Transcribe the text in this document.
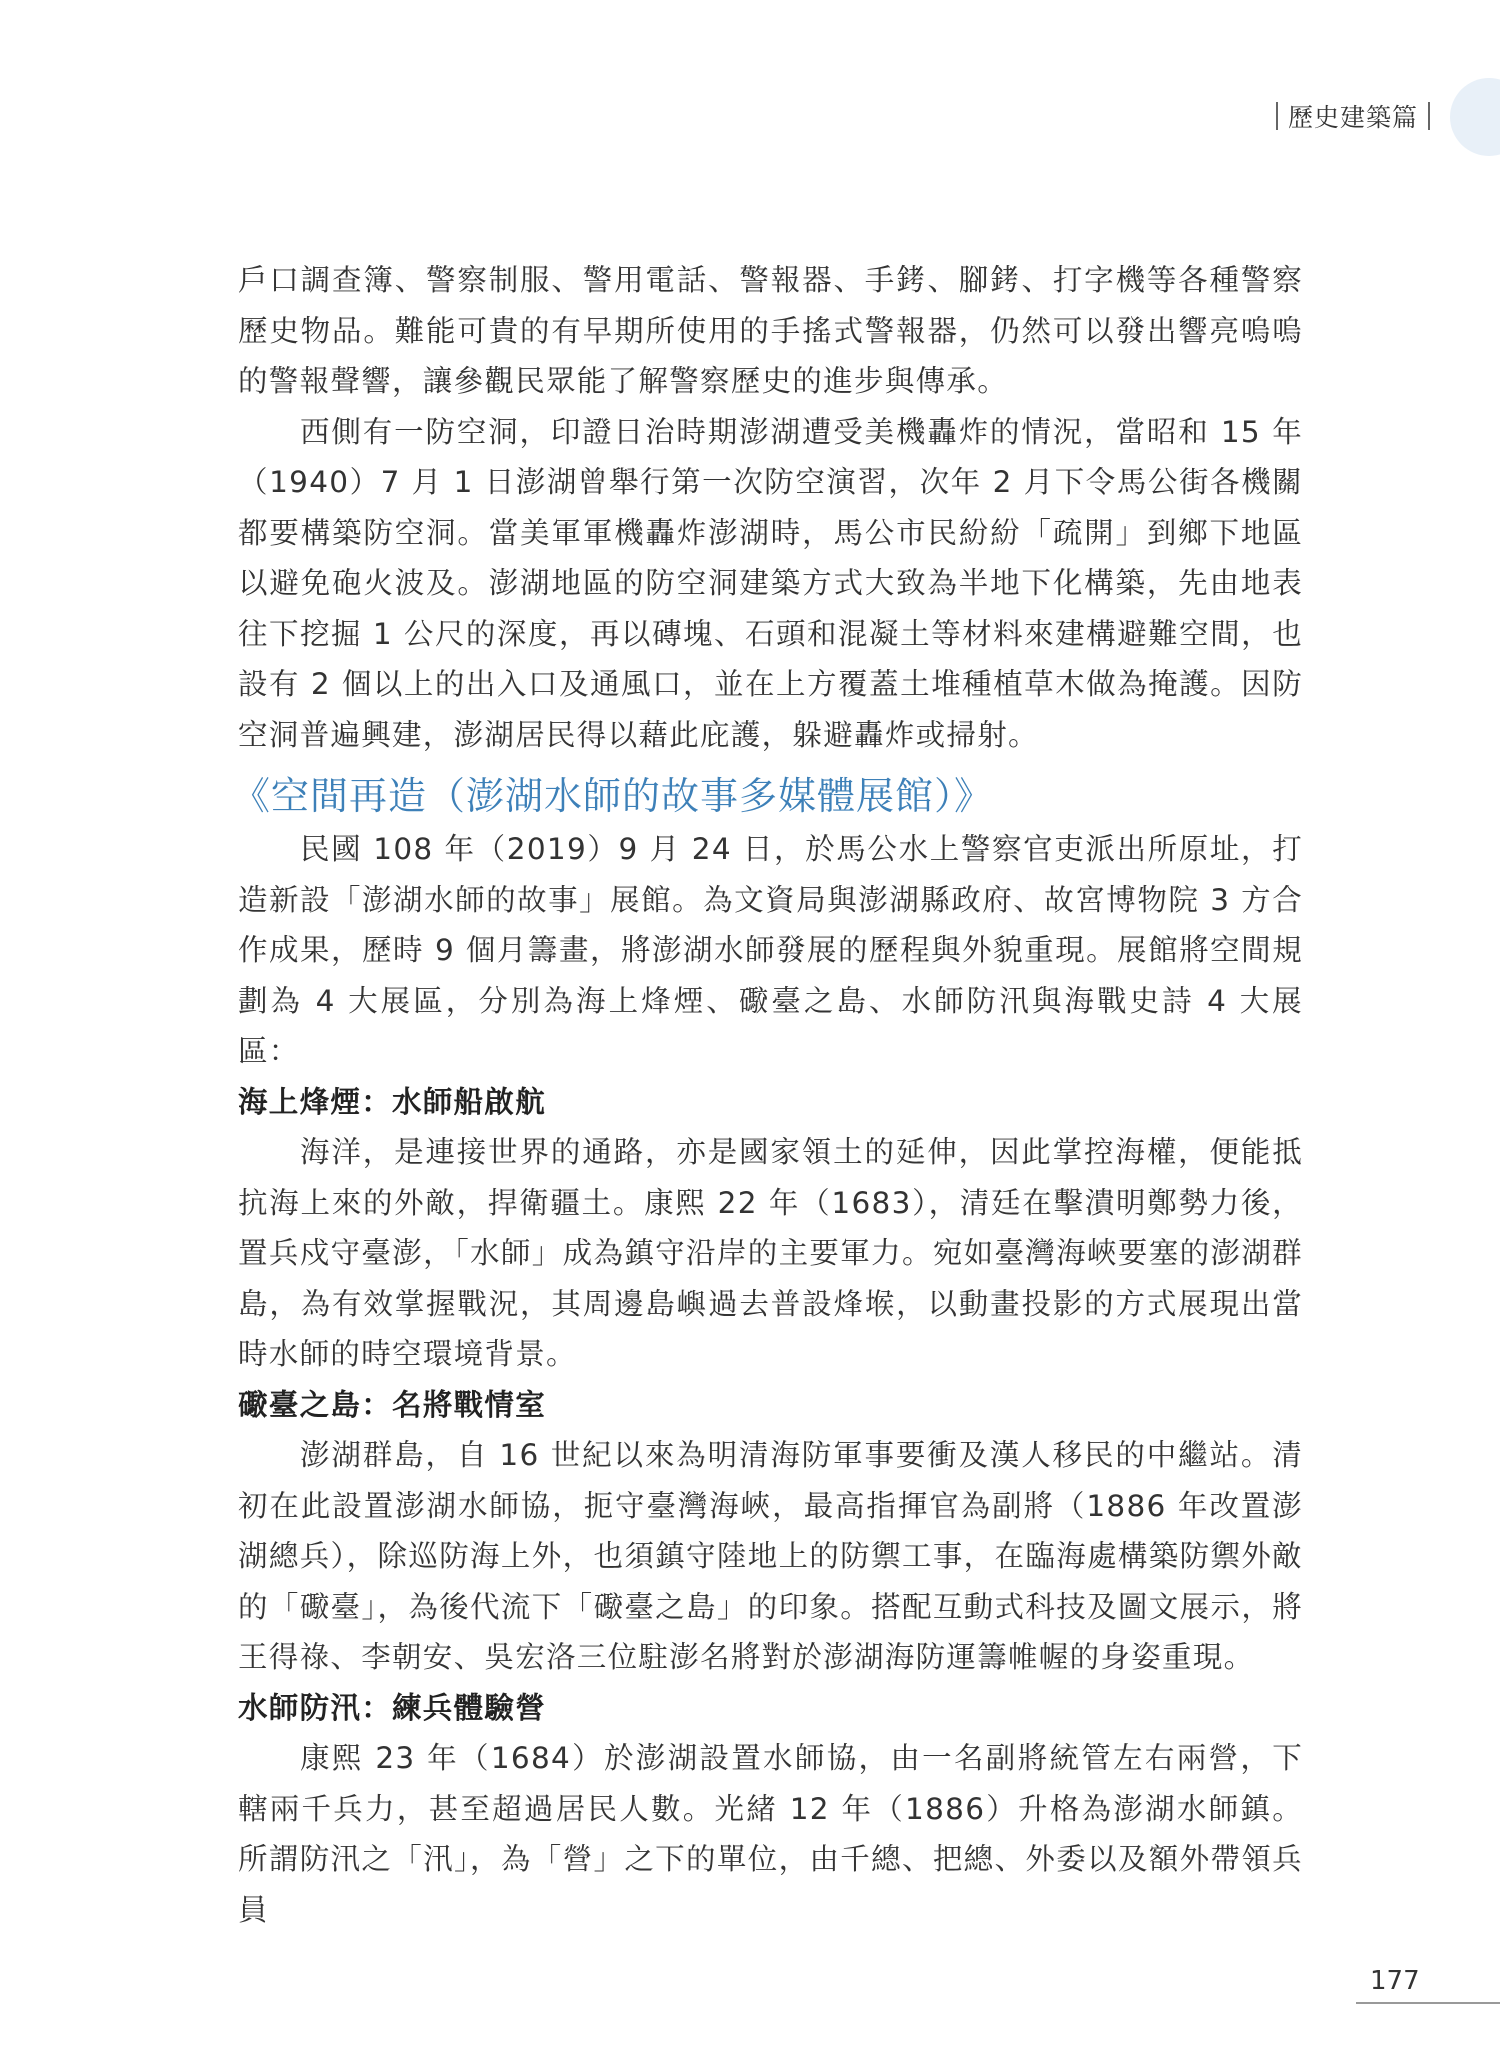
歷史建築篇

戶口調查簿、警察制服、警用電話、警報器、手銬、腳銬、打字機等各種警察歷史物品。難能可貴的有早期所使用的手搖式警報器，仍然可以發出響亮嗚嗚的警報聲響，讓參觀民眾能了解警察歷史的進步與傳承。

西側有一防空洞，印證日治時期澎湖遭受美機轟炸的情況，當昭和 15 年（1940）7 月 1 日澎湖曾舉行第一次防空演習，次年 2 月下令馬公街各機關都要構築防空洞。當美軍軍機轟炸澎湖時，馬公市民紛紛「疏開」到鄉下地區以避免砲火波及。澎湖地區的防空洞建築方式大致為半地下化構築，先由地表往下挖掘 1 公尺的深度，再以磚塊、石頭和混凝土等材料來建構避難空間，也設有 2 個以上的出入口及通風口，並在上方覆蓋土堆種植草木做為掩護。因防空洞普遍興建，澎湖居民得以藉此庇護，躲避轟炸或掃射。

《空間再造（澎湖水師的故事多媒體展館）》

民國 108 年（2019）9 月 24 日，於馬公水上警察官吏派出所原址，打造新設「澎湖水師的故事」展館。為文資局與澎湖縣政府、故宮博物院 3 方合作成果，歷時 9 個月籌畫，將澎湖水師發展的歷程與外貌重現。展館將空間規劃為 4 大展區，分別為海上烽煙、礮臺之島、水師防汛與海戰史詩 4 大展區：

海上烽煙：水師船啟航

海洋，是連接世界的通路，亦是國家領土的延伸，因此掌控海權，便能抵抗海上來的外敵，捍衛疆土。康熙 22 年（1683），清廷在擊潰明鄭勢力後，置兵戍守臺澎，「水師」成為鎮守沿岸的主要軍力。宛如臺灣海峽要塞的澎湖群島，為有效掌握戰況，其周邊島嶼過去普設烽堠，以動畫投影的方式展現出當時水師的時空環境背景。

礮臺之島：名將戰情室

澎湖群島，自 16 世紀以來為明清海防軍事要衝及漢人移民的中繼站。清初在此設置澎湖水師協，扼守臺灣海峽，最高指揮官為副將（1886 年改置澎湖總兵），除巡防海上外，也須鎮守陸地上的防禦工事，在臨海處構築防禦外敵的「礮臺」，為後代流下「礮臺之島」的印象。搭配互動式科技及圖文展示，將王得祿、李朝安、吳宏洛三位駐澎名將對於澎湖海防運籌帷幄的身姿重現。

水師防汛：練兵體驗營

康熙 23 年（1684）於澎湖設置水師協，由一名副將統管左右兩營，下轄兩千兵力，甚至超過居民人數。光緒 12 年（1886）升格為澎湖水師鎮。所謂防汛之「汛」，為「營」之下的單位，由千總、把總、外委以及額外帶領兵員

177
